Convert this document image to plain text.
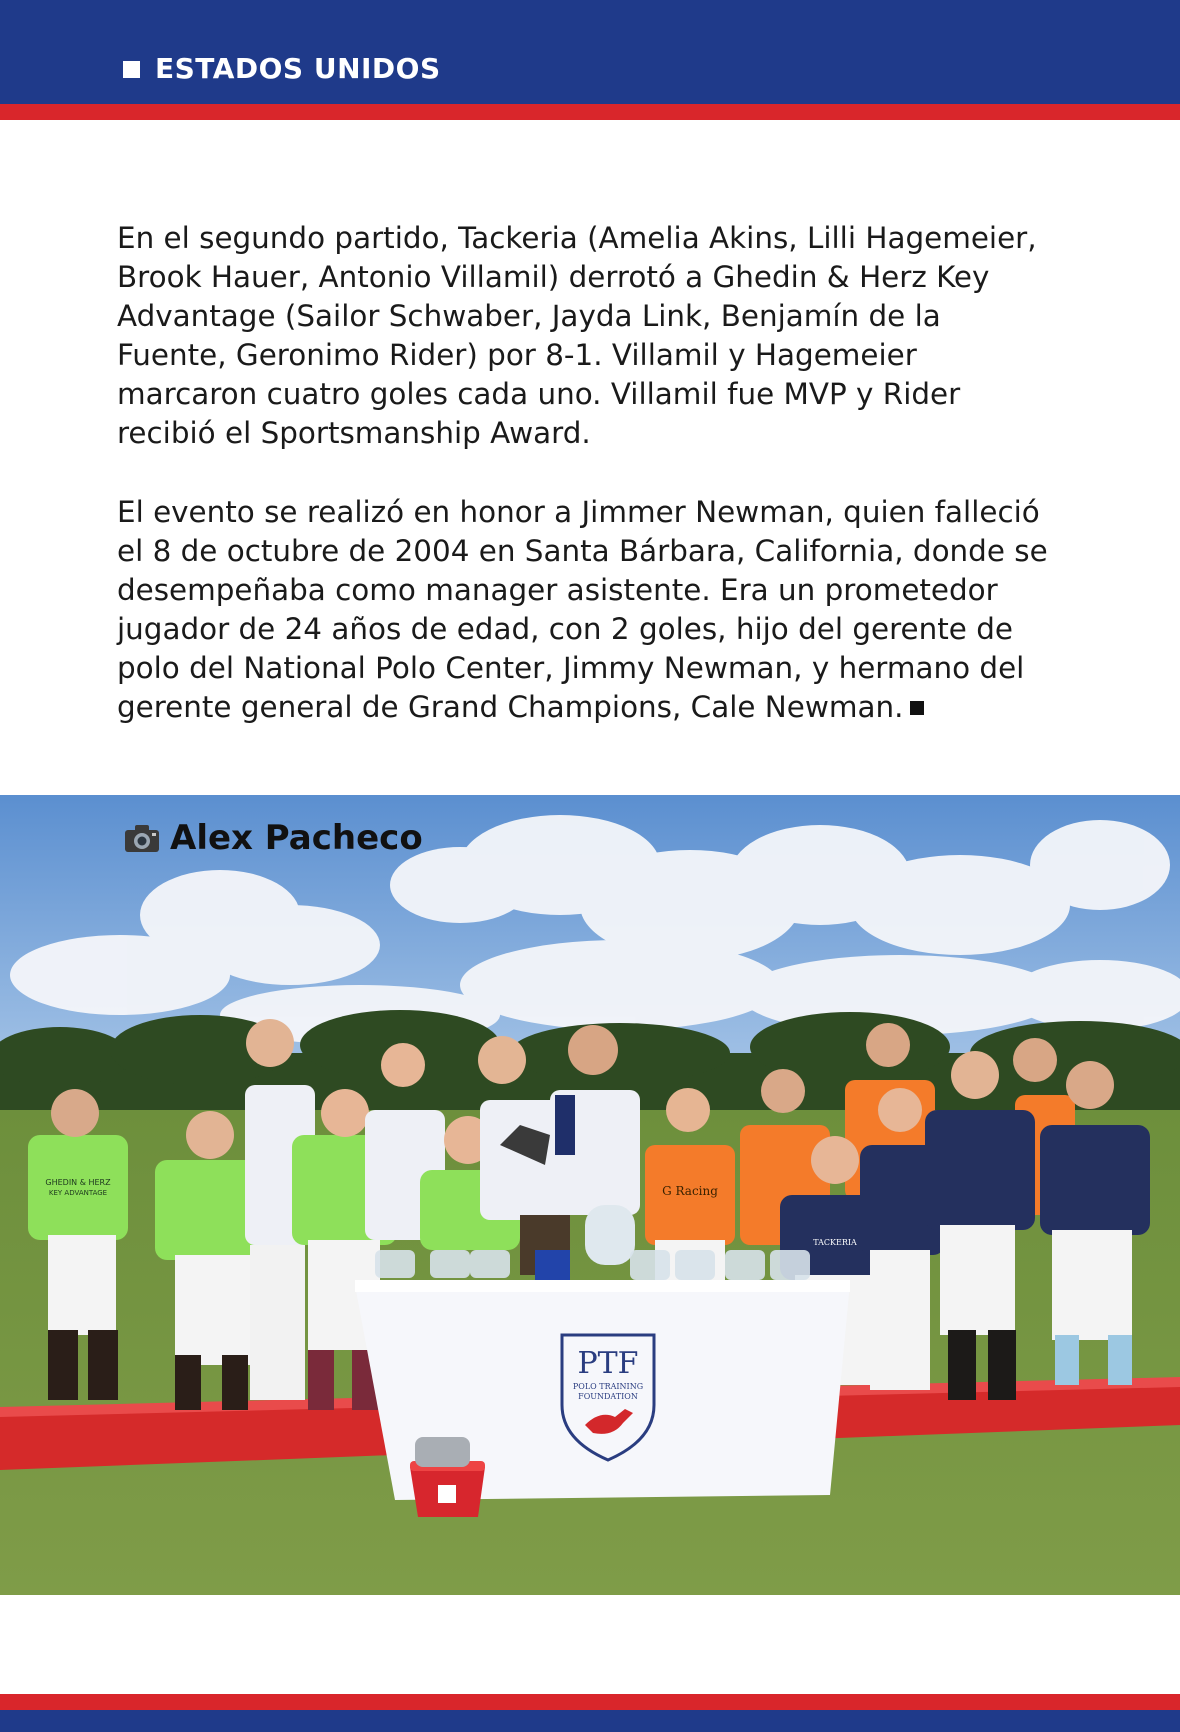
ESTADOS UNIDOS

En el segundo partido, Tackeria (Amelia Akins, Lilli Hagemeier,
Brook Hauer, Antonio Villamil) derrotó a Ghedin & Herz Key
Advantage (Sailor Schwaber, Jayda Link, Benjamín de la
Fuente, Geronimo Rider) por 8-1. Villamil y Hagemeier
marcaron cuatro goles cada uno. Villamil fue MVP y Rider
recibió el Sportsmanship Award.

El evento se realizó en honor a Jimmer Newman, quien falleció
el 8 de octubre de 2004 en Santa Bárbara, California, donde se
desempeñaba como manager asistente. Era un prometedor
jugador de 24 años de edad, con 2 goles, hijo del gerente de
polo del National Polo Center, Jimmy Newman, y hermano del
gerente general de Grand Champions, Cale Newman.

PTF
POLO TRAINING
FOUNDATION
GHEDIN & HERZ
KEY ADVANTAGE	G Racing
TACKERIA
Alex Pacheco
